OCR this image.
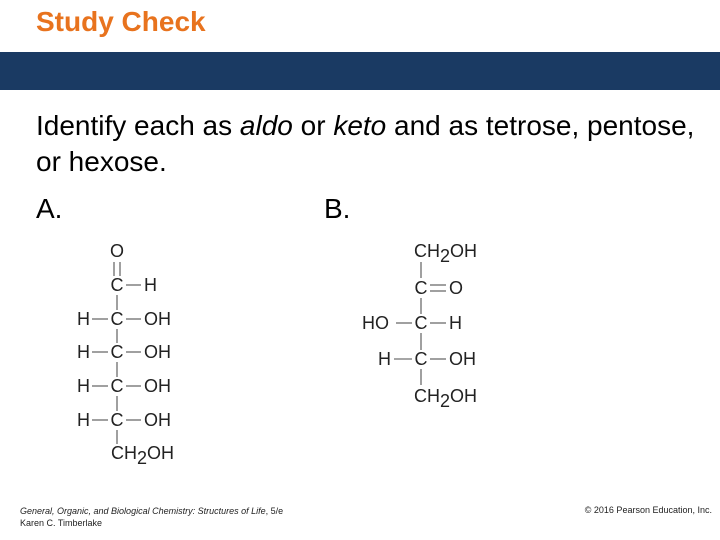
Study Check
Identify each as aldo or keto and as tetrose, pentose, or hexose.
A.	B.
O
C H
H C OH
H C OH
H C OH
H C OH
CH2OH
CH2OH
C O
HO C H
H C OH
CH2OH
General, Organic, and Biological Chemistry: Structures of Life, 5/e
Karen C. Timberlake
© 2016 Pearson Education, Inc.
